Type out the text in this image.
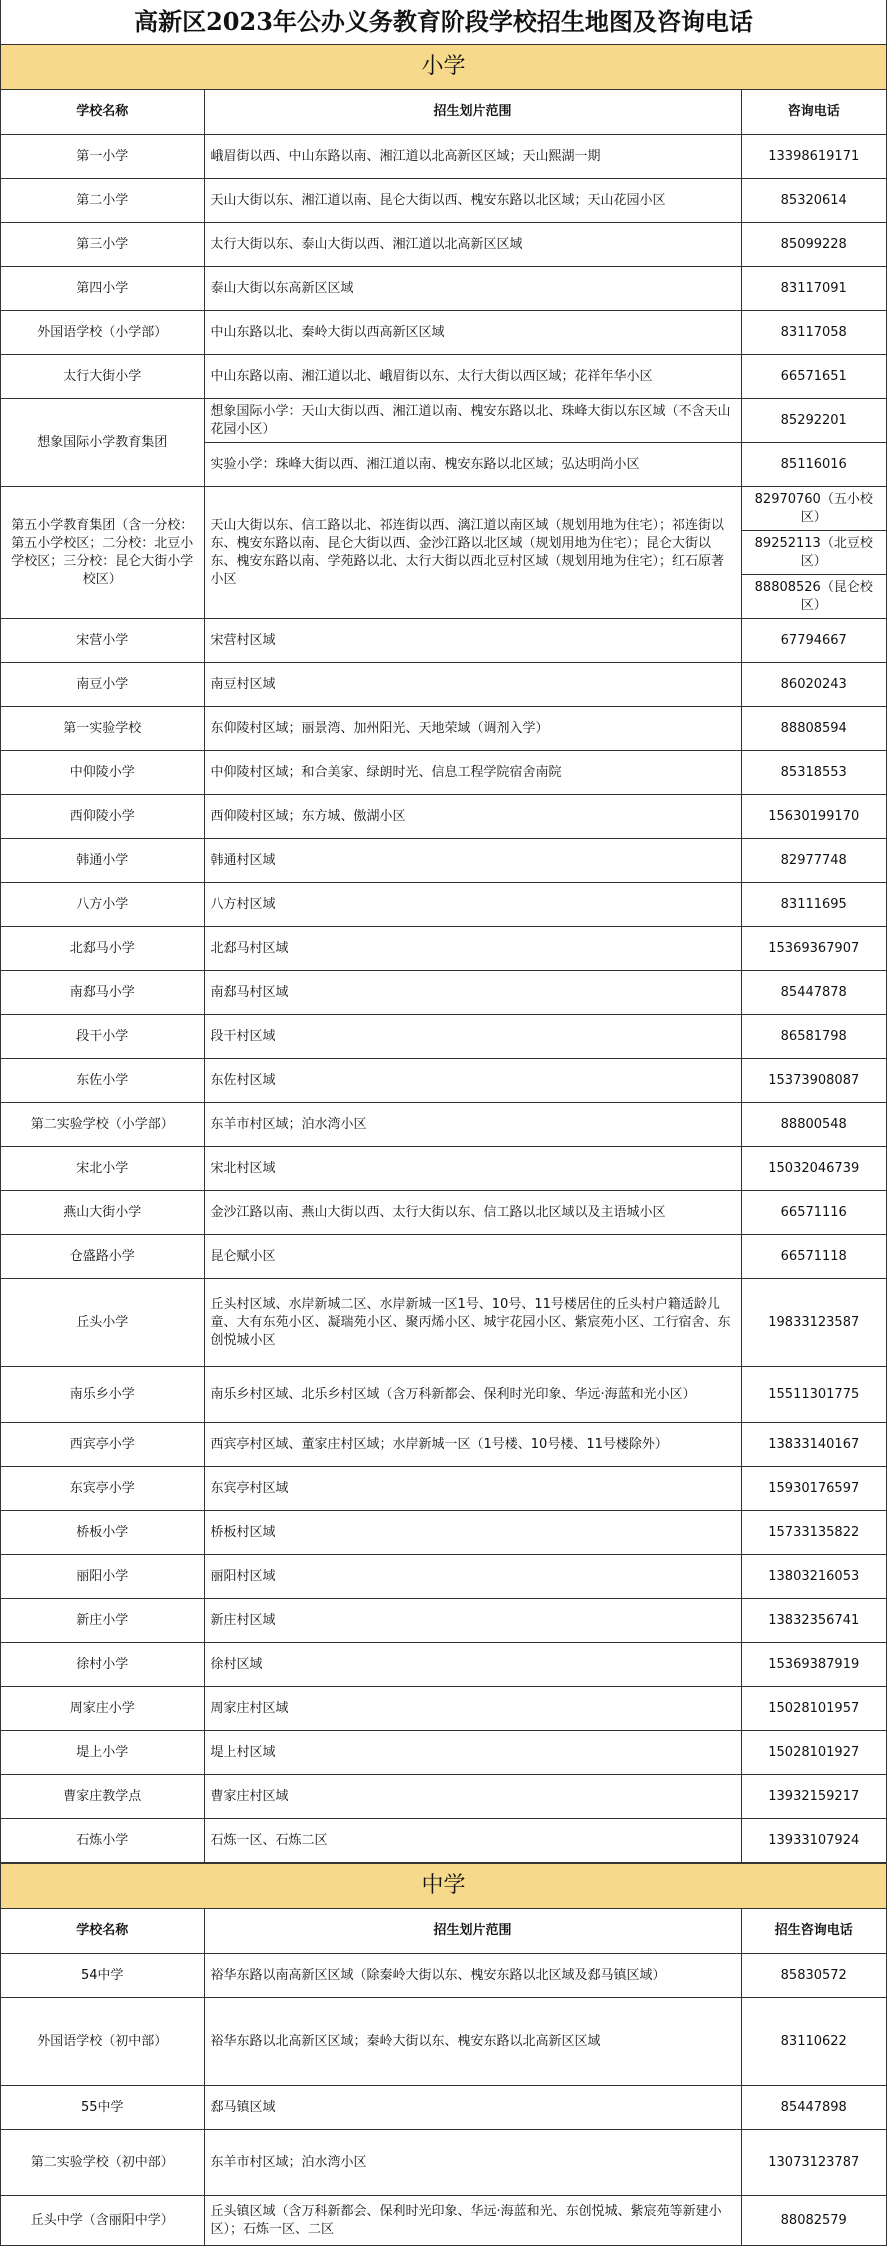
高新区2023年公办义务教育阶段学校招生地图及咨询电话
小学
学校名称	招生划片范围	咨询电话
第一小学	峨眉街以西、中山东路以南、湘江道以北高新区区域；天山熙湖一期	13398619171
第二小学	天山大街以东、湘江道以南、昆仑大街以西、槐安东路以北区域；天山花园小区	85320614
第三小学	太行大街以东、泰山大街以西、湘江道以北高新区区域	85099228
第四小学	泰山大街以东高新区区域	83117091
外国语学校（小学部）	中山东路以北、秦岭大街以西高新区区域	83117058
太行大街小学	中山东路以南、湘江道以北、峨眉街以东、太行大街以西区域；花祥年华小区	66571651
想象国际小学教育集团	想象国际小学：天山大街以西、湘江道以南、槐安东路以北、珠峰大街以东区域（不含天山花园小区）	85292201
	实验小学：珠峰大街以西、湘江道以南、槐安东路以北区域；弘达明尚小区	85116016
第五小学教育集团（含一分校：第五小学校区；二分校：北豆小学校区；三分校：昆仑大街小学校区）	天山大街以东、信工路以北、祁连街以西、漓江道以南区域（规划用地为住宅）；祁连街以东、槐安东路以南、昆仑大街以西、金沙江路以北区域（规划用地为住宅）；昆仑大街以东、槐安东路以南、学苑路以北、太行大街以西北豆村区域（规划用地为住宅）；红石原著小区	82970760（五小校区）
		89252113（北豆校区）
		88808526（昆仑校区）
宋营小学	宋营村区域	67794667
南豆小学	南豆村区域	86020243
第一实验学校	东仰陵村区域；丽景湾、加州阳光、天地荣域（调剂入学）	88808594
中仰陵小学	中仰陵村区域；和合美家、绿朗时光、信息工程学院宿舍南院	85318553
西仰陵小学	西仰陵村区域；东方城、傲湖小区	15630199170
韩通小学	韩通村区域	82977748
八方小学	八方村区域	83111695
北郄马小学	北郄马村区域	15369367907
南郄马小学	南郄马村区域	85447878
段干小学	段干村区域	86581798
东佐小学	东佐村区域	15373908087
第二实验学校（小学部）	东羊市村区域；泊水湾小区	88800548
宋北小学	宋北村区域	15032046739
燕山大街小学	金沙江路以南、燕山大街以西、太行大街以东、信工路以北区域以及主语城小区	66571116
仓盛路小学	昆仑赋小区	66571118
丘头小学	丘头村区域、水岸新城二区、水岸新城一区1号、10号、11号楼居住的丘头村户籍适龄儿童、大有东苑小区、凝瑞苑小区、聚丙烯小区、城宇花园小区、紫宸苑小区、工行宿舍、东创悦城小区	19833123587
南乐乡小学	南乐乡村区域、北乐乡村区域（含万科新都会、保利时光印象、华远·海蓝和光小区）	15511301775
西宾亭小学	西宾亭村区域、董家庄村区域；水岸新城一区（1号楼、10号楼、11号楼除外）	13833140167
东宾亭小学	东宾亭村区域	15930176597
桥板小学	桥板村区域	15733135822
丽阳小学	丽阳村区域	13803216053
新庄小学	新庄村区域	13832356741
徐村小学	徐村区域	15369387919
周家庄小学	周家庄村区域	15028101957
堤上小学	堤上村区域	15028101927
曹家庄教学点	曹家庄村区域	13932159217
石炼小学	石炼一区、石炼二区	13933107924
中学
学校名称	招生划片范围	招生咨询电话
54中学	裕华东路以南高新区区域（除秦岭大街以东、槐安东路以北区域及郄马镇区域）	85830572
外国语学校（初中部）	裕华东路以北高新区区域；秦岭大街以东、槐安东路以北高新区区域	83110622
55中学	郄马镇区域	85447898
第二实验学校（初中部）	东羊市村区域；泊水湾小区	13073123787
丘头中学（含丽阳中学）	丘头镇区域（含万科新都会、保利时光印象、华远·海蓝和光、东创悦城、紫宸苑等新建小区）；石炼一区、二区	88082579
